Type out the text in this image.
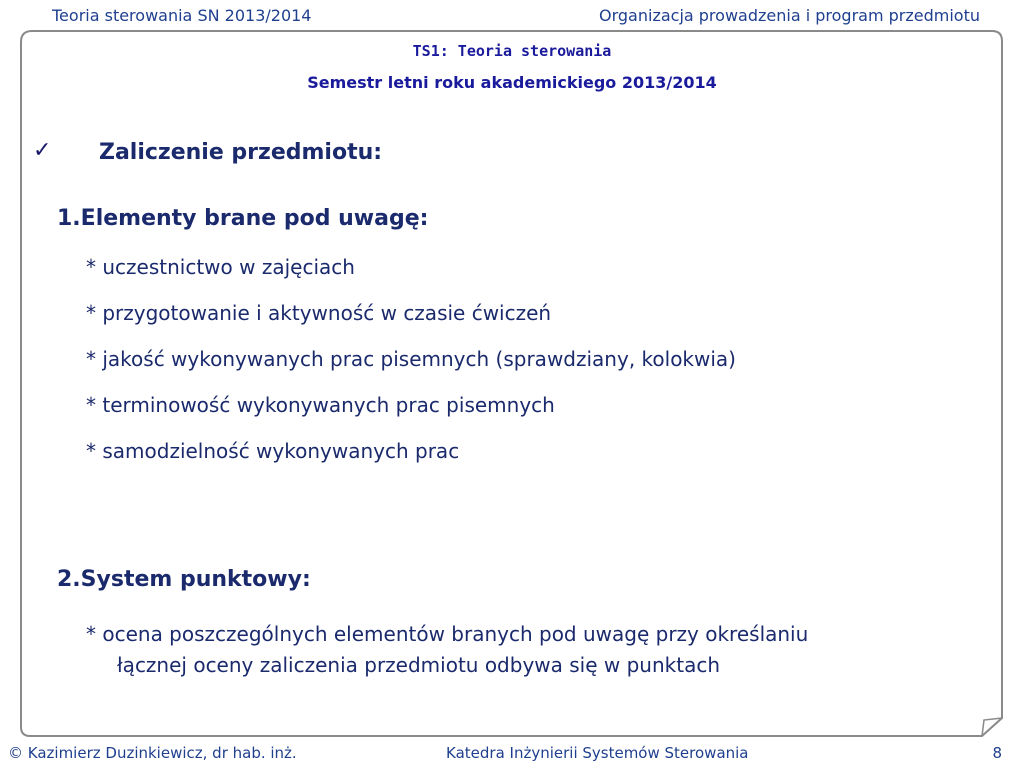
Teoria sterowania SN 2013/2014	Organizacja prowadzenia i program przedmiotu
TS1: Teoria sterowania
Semestr letni roku akademickiego 2013/2014
✓ Zaliczenie przedmiotu:
1.Elementy brane pod uwagę:
* uczestnictwo w zajęciach
* przygotowanie i aktywność w czasie ćwiczeń
* jakość wykonywanych prac pisemnych (sprawdziany, kolokwia)
* terminowość wykonywanych prac pisemnych
* samodzielność wykonywanych prac
2.System punktowy:
* ocena poszczególnych elementów branych pod uwagę przy określaniu
łącznej oceny zaliczenia przedmiotu odbywa się w punktach
© Kazimierz Duzinkiewicz, dr hab. inż.	Katedra Inżynierii Systemów Sterowania	8
